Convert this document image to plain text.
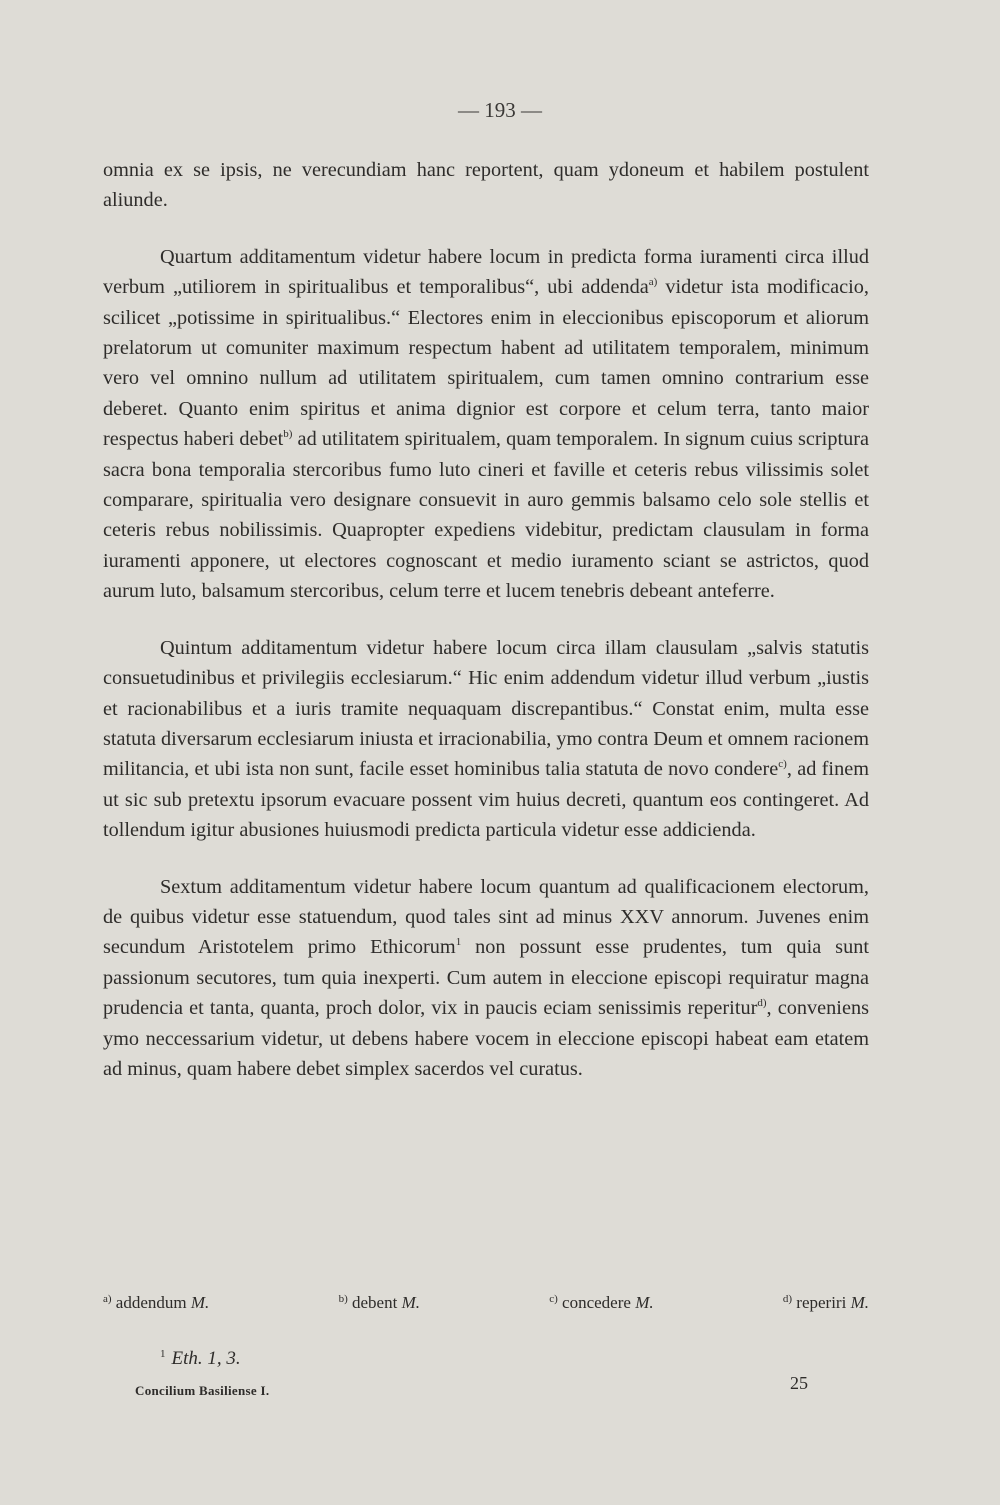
— 193 —

omnia ex se ipsis, ne verecundiam hanc reportent, quam ydoneum et habilem postulent aliunde.

Quartum additamentum videtur habere locum in predicta forma iuramenti circa illud verbum „utiliorem in spiritualibus et temporalibus“, ubi addenda$^{a)}$ videtur ista modificacio, scilicet „potissime in spiritualibus.“ Electores enim in eleccionibus episcoporum et aliorum prelatorum ut comuniter maximum respectum habent ad utilitatem temporalem, minimum vero vel omnino nullum ad utilitatem spiritualem, cum tamen omnino contrarium esse deberet. Quanto enim spiritus et anima dignior est corpore et celum terra, tanto maior respectus haberi debet$^{b)}$ ad utilitatem spiritualem, quam temporalem. In signum cuius scriptura sacra bona temporalia stercoribus fumo luto cineri et faville et ceteris rebus vilissimis solet comparare, spiritualia vero designare consuevit in auro gemmis balsamo celo sole stellis et ceteris rebus nobilissimis. Quapropter expediens videbitur, predictam clausulam in forma iuramenti apponere, ut electores cognoscant et medio iuramento sciant se astrictos, quod aurum luto, balsamum stercoribus, celum terre et lucem tenebris debeant anteferre.

Quintum additamentum videtur habere locum circa illam clausulam „salvis statutis consuetudinibus et privilegiis ecclesiarum.“ Hic enim addendum videtur illud verbum „iustis et racionabilibus et a iuris tramite nequaquam discrepantibus.“ Constat enim, multa esse statuta diversarum ecclesiarum iniusta et irracionabilia, ymo contra Deum et omnem racionem militancia, et ubi ista non sunt, facile esset hominibus talia statuta de novo condere$^{c)}$, ad finem ut sic sub pretextu ipsorum evacuare possent vim huius decreti, quantum eos contingeret. Ad tollendum igitur abusiones huiusmodi predicta particula videtur esse addicienda.

Sextum additamentum videtur habere locum quantum ad qualificacionem electorum, de quibus videtur esse statuendum, quod tales sint ad minus XXV annorum. Juvenes enim secundum Aristotelem primo Ethicorum$^1$ non possunt esse prudentes, tum quia sunt passionum secutores, tum quia inexperti. Cum autem in eleccione episcopi requiratur magna prudencia et tanta, quanta, proch dolor, vix in paucis eciam senissimis reperitur$^{d)}$, conveniens ymo neccessarium videtur, ut debens habere vocem in eleccione episcopi habeat eam etatem ad minus, quam habere debet simplex sacerdos vel curatus.

$^{a)}$ addendum M.	$^{b)}$ debent M.	$^{c)}$ concedere M.	$^{d)}$ reperiri M.
$^1$ Eth. 1, 3.
Concilium Basiliense I.	25
